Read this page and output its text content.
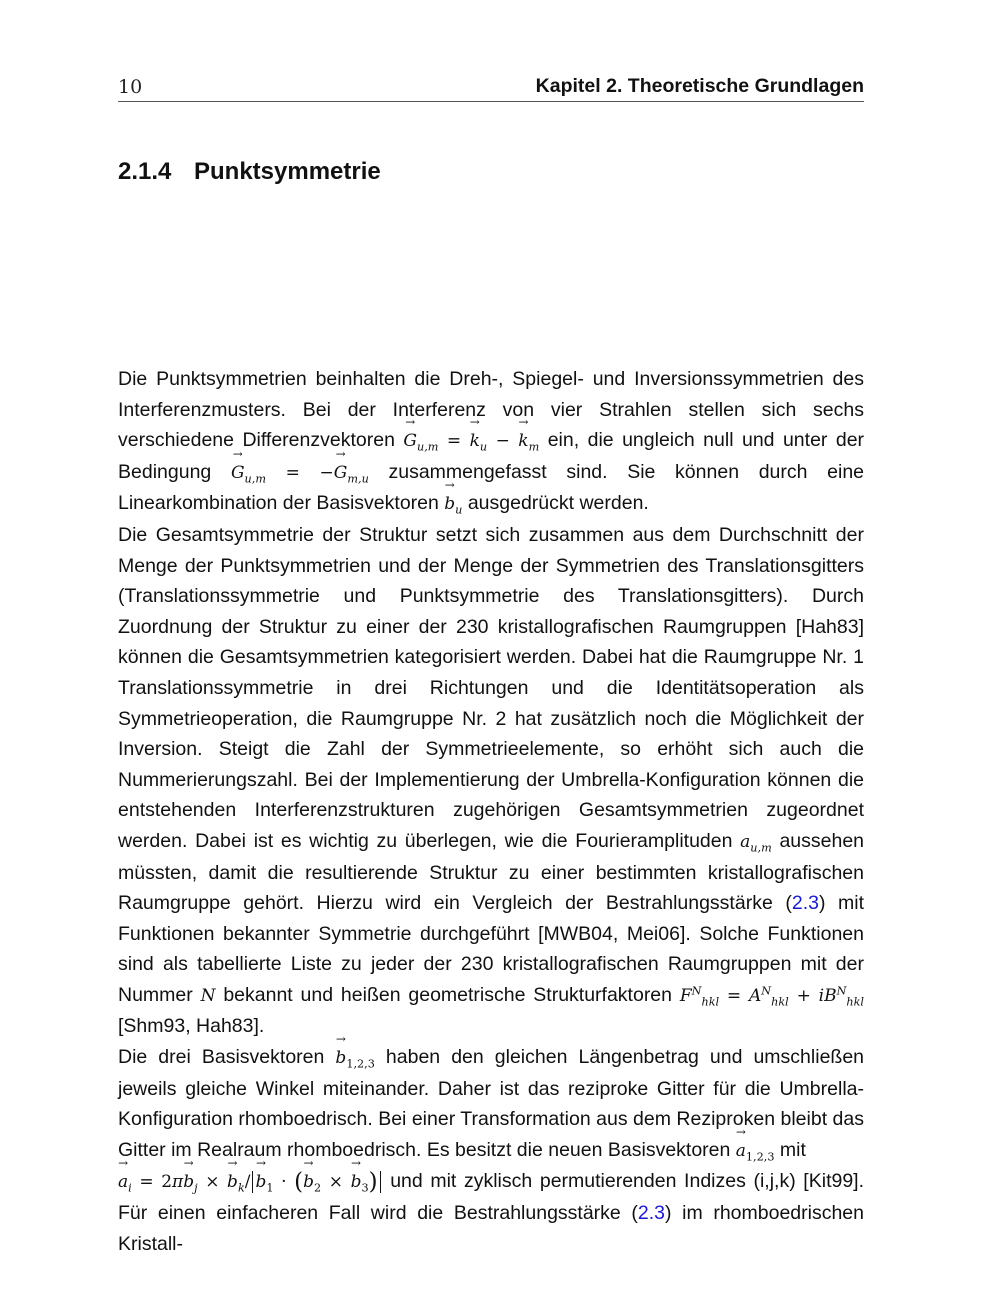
10	Kapitel 2. Theoretische Grundlagen
2.1.4 Punktsymmetrie

Die Punktsymmetrien beinhalten die Dreh-, Spiegel- und Inversionssymmetrien des Interferenzmusters. Bei der Interferenz von vier Strahlen stellen sich sechs verschiedene Differenzvektoren → $G_{u,m}$ = → $k_u$ − → $k_m$ ein, die ungleich null und unter der Bedingung → $G_{u,m}$ = −→ $G_{m,u}$ zusammengefasst sind. Sie können durch eine Linearkombination der Basisvektoren → $b_u$ ausgedrückt werden.

Die Gesamtsymmetrie der Struktur setzt sich zusammen aus dem Durchschnitt der Menge der Punktsymmetrien und der Menge der Symmetrien des Translationsgitters (Translationssymmetrie und Punktsymmetrie des Translationsgitters). Durch Zuordnung der Struktur zu einer der 230 kristallografischen Raumgruppen [Hah83] können die Gesamtsymmetrien kategorisiert werden. Dabei hat die Raumgruppe Nr. 1 Translationssymmetrie in drei Richtungen und die Identitätsoperation als Symmetrieoperation, die Raumgruppe Nr. 2 hat zusätzlich noch die Möglichkeit der Inversion. Steigt die Zahl der Symmetrieelemente, so erhöht sich auch die Nummerierungszahl. Bei der Implementierung der Umbrella-Konfiguration können die entstehenden Interferenzstrukturen zugehörigen Gesamtsymmetrien zugeordnet werden. Dabei ist es wichtig zu überlegen, wie die Fourieramplituden $a_{u,m}$ aussehen müssten, damit die resultierende Struktur zu einer bestimmten kristallografischen Raumgruppe gehört. Hierzu wird ein Vergleich der Bestrahlungsstärke (2.3) mit Funktionen bekannter Symmetrie durchgeführt [MWB04, Mei06]. Solche Funktionen sind als tabellierte Liste zu jeder der 230 kristallografischen Raumgruppen mit der Nummer N bekannt und heißen geometrische Strukturfaktoren $F^N_{hkl} = A^N_{hkl} + iB^N_{hkl}$ [Shm93, Hah83].

Die drei Basisvektoren → $b_{1,2,3}$ haben den gleichen Längenbetrag und umschließen jeweils gleiche Winkel miteinander. Daher ist das reziproke Gitter für die Umbrella-Konfiguration rhomboedrisch. Bei einer Transformation aus dem Reziproken bleibt das Gitter im Realraum rhomboedrisch. Es besitzt die neuen Basisvektoren → $a_{1,2,3}$ mit
→ $a_i = 2\pi\to b_j$ × → $b_k/ \to b_1$ · (→ $b_2$ × → $b_3$) und mit zyklisch permutierenden Indizes (i,j,k) [Kit99]. Für einen einfacheren Fall wird die Bestrahlungsstärke (2.3) im rhomboedrischen Kristall-
